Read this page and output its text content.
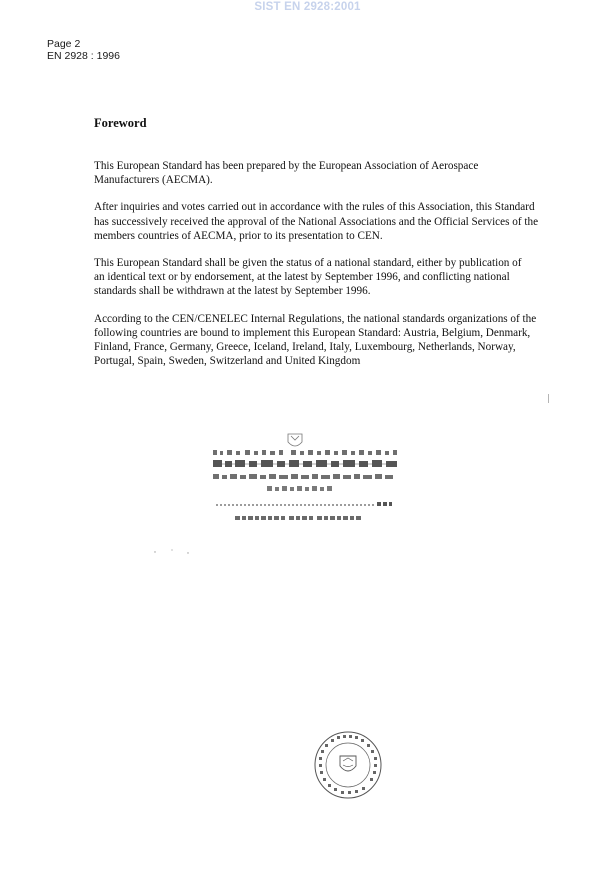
SIST EN 2928:2001
Page 2
EN 2928 : 1996
Foreword

This European Standard has been prepared by the European Association of Aerospace
Manufacturers (AECMA).

After inquiries and votes carried out in accordance with the rules of this Association, this Standard
has successively received the approval of the National Associations and the Official Services of the
members countries of AECMA, prior to its presentation to CEN.

This European Standard shall be given the status of a national standard, either by publication of
an identical text or by endorsement, at the latest by September 1996, and conflicting national
standards shall be withdrawn at the latest by September 1996.

According to the CEN/CENELEC Internal Regulations, the national standards organizations of the
following countries are bound to implement this European Standard: Austria, Belgium, Denmark,
Finland, France, Germany, Greece, Iceland, Ireland, Italy, Luxembourg, Netherlands, Norway,
Portugal, Spain, Sweden, Switzerland and United Kingdom
